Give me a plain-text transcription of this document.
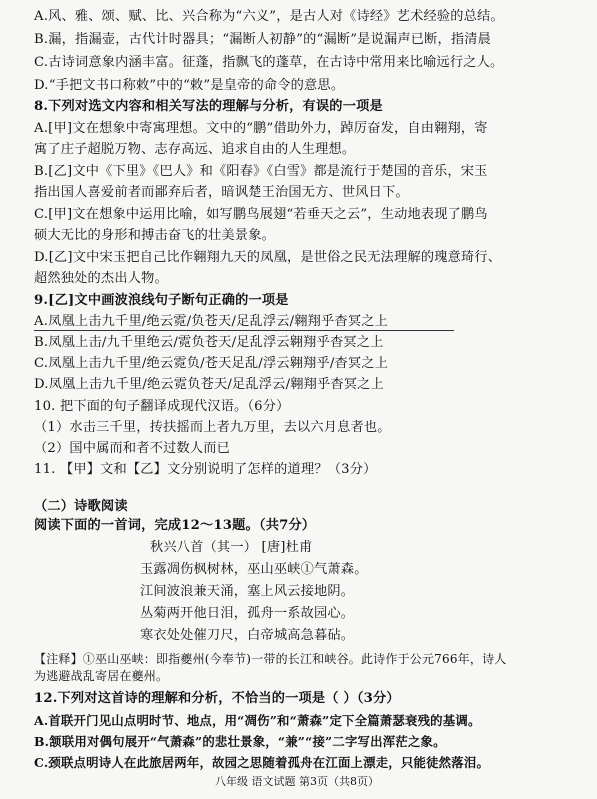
A.风、雅、颂、赋、比、兴合称为“六义”，是古人对《诗经》艺术经验的总结。
B.漏，指漏壶，古代计时器具；“漏断人初静”的“漏断”是说漏声已断，指清晨
C.古诗词意象内涵丰富。征蓬，指飘飞的蓬草，在古诗中常用来比喻远行之人。
D.“手把文书口称敕”中的“敕”是皇帝的命令的意思。
8.下列对选文内容和相关写法的理解与分析，有误的一项是
A.[甲]文在想象中寄寓理想。文中的“鹏”借助外力，踔厉奋发，自由翱翔，寄
寓了庄子超脱万物、志存高远、追求自由的人生理想。
B.[乙]文中《下里》《巴人》和《阳春》《白雪》都是流行于楚国的音乐，宋玉
指出国人喜爱前者而鄙弃后者，暗讽楚王治国无方、世风日下。
C.[甲]文在想象中运用比喻，如写鹏鸟展翅“若垂天之云”，生动地表现了鹏鸟
硕大无比的身形和搏击奋飞的壮美景象。
D.[乙]文中宋玉把自己比作翱翔九天的凤凰，是世俗之民无法理解的瑰意琦行、
超然独处的杰出人物。
9.[乙]文中画波浪线句子断句正确的一项是
A.凤凰上击九千里/绝云霓/负苍天/足乱浮云/翱翔乎杳冥之上
B.凤凰上击/九千里绝云/霓负苍天/足乱浮云翱翔乎杳冥之上
C.凤凰上击九千里/绝云霓负/苍天足乱/浮云翱翔乎/杳冥之上
D.凤凰上击九千里/绝云霓负苍天/足乱浮云/翱翔乎杳冥之上
10. 把下面的句子翻译成现代汉语。（6分）
（1）水击三千里，抟扶摇而上者九万里，去以六月息者也。
（2）国中属而和者不过数人而已
11. 【甲】文和【乙】文分别说明了怎样的道理？（3分）
（二）诗歌阅读
阅读下面的一首词，完成12～13题。（共7分）
秋兴八首（其一） [唐]杜甫
玉露凋伤枫树林，巫山巫峡①气萧森。
江间波浪兼天涌，塞上风云接地阴。
丛菊两开他日泪，孤舟一系故园心。
寒衣处处催刀尺，白帝城高急暮砧。
【注释】①巫山巫峡：即指夔州(今奉节)一带的长江和峡谷。此诗作于公元766年，诗人
为逃避战乱寄居在夔州。
12.下列对这首诗的理解和分析，不恰当的一项是（ ）（3分）
A.首联开门见山点明时节、地点，用“凋伤”和“萧森”定下全篇萧瑟衰残的基调。
B.颔联用对偶句展开“气萧森”的悲壮景象，“兼”“接”二字写出浑茫之象。
C.颈联点明诗人在此旅居两年，故园之思随着孤舟在江面上漂走，只能徒然落泪。
八年级 语文试题 第3页（共8页）
